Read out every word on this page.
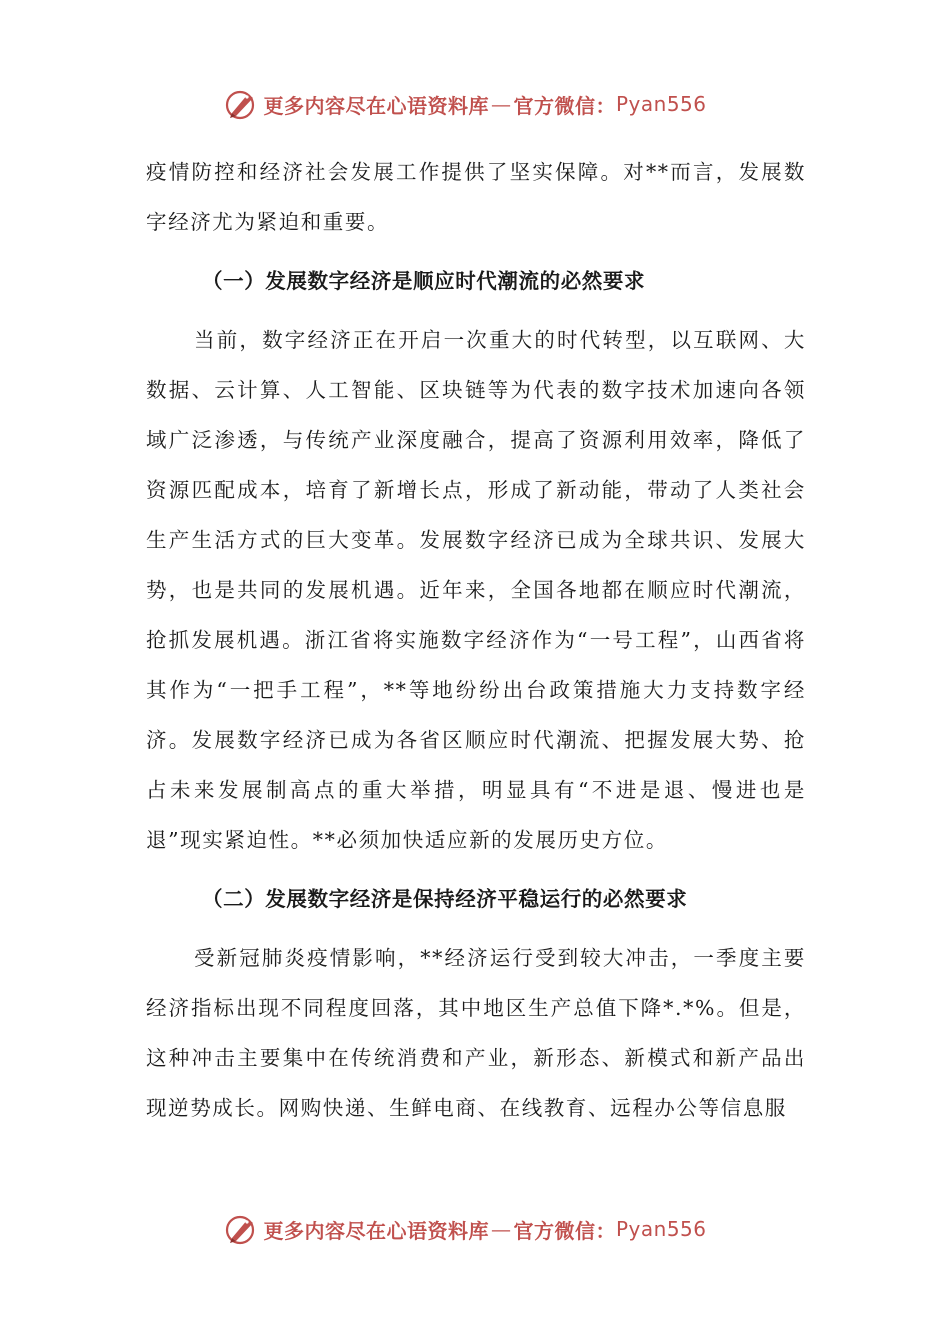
更多内容尽在心语资料库 — 官方微信： Pyan556

疫情防控和经济社会发展工作提供了坚实保障。对**而言，发展数字经济尤为紧迫和重要。

（一）发展数字经济是顺应时代潮流的必然要求

当前，数字经济正在开启一次重大的时代转型，以互联网、大数据、云计算、人工智能、区块链等为代表的数字技术加速向各领域广泛渗透，与传统产业深度融合，提高了资源利用效率，降低了资源匹配成本，培育了新增长点，形成了新动能，带动了人类社会生产生活方式的巨大变革。发展数字经济已成为全球共识、发展大势，也是共同的发展机遇。近年来，全国各地都在顺应时代潮流，抢抓发展机遇。浙江省将实施数字经济作为“一号工程”，山西省将其作为“一把手工程”，**等地纷纷出台政策措施大力支持数字经济。发展数字经济已成为各省区顺应时代潮流、把握发展大势、抢占未来发展制高点的重大举措，明显具有“不进是退、慢进也是退”现实紧迫性。**必须加快适应新的发展历史方位。

（二）发展数字经济是保持经济平稳运行的必然要求

受新冠肺炎疫情影响，**经济运行受到较大冲击，一季度主要经济指标出现不同程度回落，其中地区生产总值下降*.*%。但是，这种冲击主要集中在传统消费和产业，新形态、新模式和新产品出现逆势成长。网购快递、生鲜电商、在线教育、远程办公等信息服

更多内容尽在心语资料库 — 官方微信： Pyan556
